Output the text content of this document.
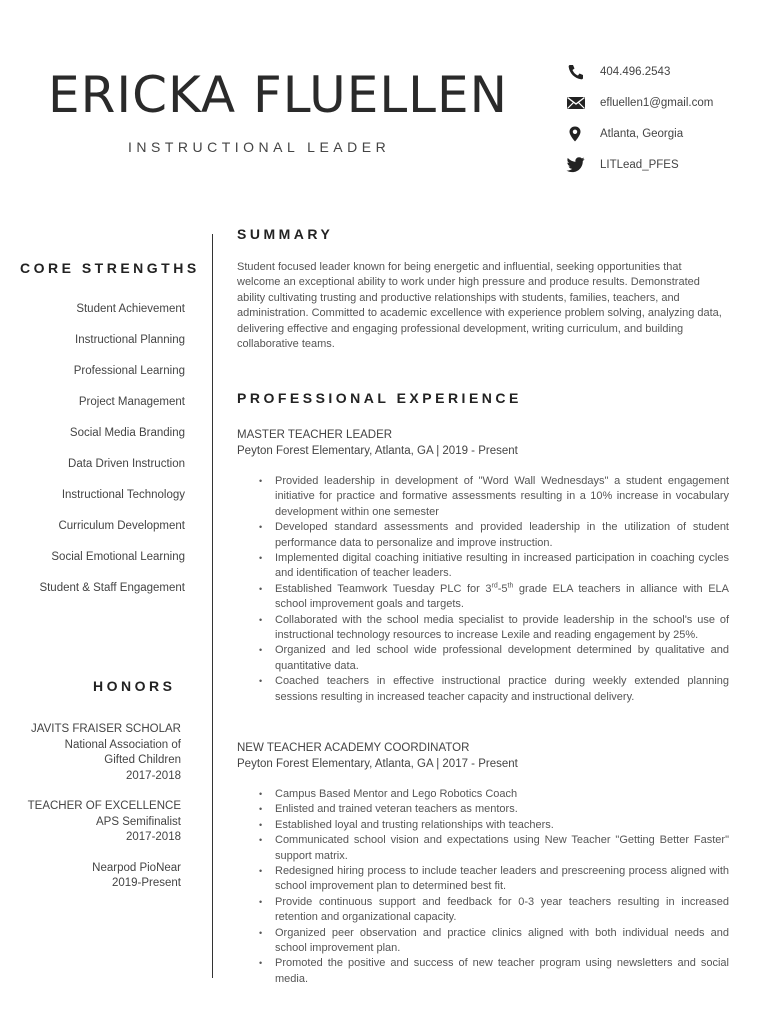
ERICKA FLUELLEN
INSTRUCTIONAL LEADER
404.496.2543
efluellen1@gmail.com
Atlanta, Georgia
LITLead_PFES
CORE STRENGTHS
Student Achievement
Instructional Planning
Professional Learning
Project Management
Social Media Branding
Data Driven Instruction
Instructional Technology
Curriculum Development
Social Emotional Learning
Student & Staff Engagement
HONORS
JAVITS FRAISER SCHOLAR
National Association of
Gifted Children
2017-2018
TEACHER OF EXCELLENCE
APS Semifinalist
2017-2018
Nearpod PioNear
2019-Present
SUMMARY
Student focused leader known for being energetic and influential, seeking opportunities that welcome an exceptional ability to work under high pressure and produce results. Demonstrated ability cultivating trusting and productive relationships with students, families, teachers, and administration. Committed to academic excellence with experience problem solving, analyzing data, delivering effective and engaging professional development, writing curriculum, and building collaborative teams.
PROFESSIONAL EXPERIENCE
MASTER TEACHER LEADER
Peyton Forest Elementary, Atlanta, GA | 2019 - Present
• Provided leadership in development of "Word Wall Wednesdays" a student engagement initiative for practice and formative assessments resulting in a 10% increase in vocabulary development within one semester
• Developed standard assessments and provided leadership in the utilization of student performance data to personalize and improve instruction.
• Implemented digital coaching initiative resulting in increased participation in coaching cycles and identification of teacher leaders.
• Established Teamwork Tuesday PLC for 3rd-5th grade ELA teachers in alliance with ELA school improvement goals and targets.
• Collaborated with the school media specialist to provide leadership in the school's use of instructional technology resources to increase Lexile and reading engagement by 25%.
• Organized and led school wide professional development determined by qualitative and quantitative data.
• Coached teachers in effective instructional practice during weekly extended planning sessions resulting in increased teacher capacity and instructional delivery.
NEW TEACHER ACADEMY COORDINATOR
Peyton Forest Elementary, Atlanta, GA | 2017 - Present
• Campus Based Mentor and Lego Robotics Coach
• Enlisted and trained veteran teachers as mentors.
• Established loyal and trusting relationships with teachers.
• Communicated school vision and expectations using New Teacher "Getting Better Faster" support matrix.
• Redesigned hiring process to include teacher leaders and prescreening process aligned with school improvement plan to determined best fit.
• Provide continuous support and feedback for 0-3 year teachers resulting in increased retention and organizational capacity.
• Organized peer observation and practice clinics aligned with both individual needs and school improvement plan.
• Promoted the positive and success of new teacher program using newsletters and social media.
